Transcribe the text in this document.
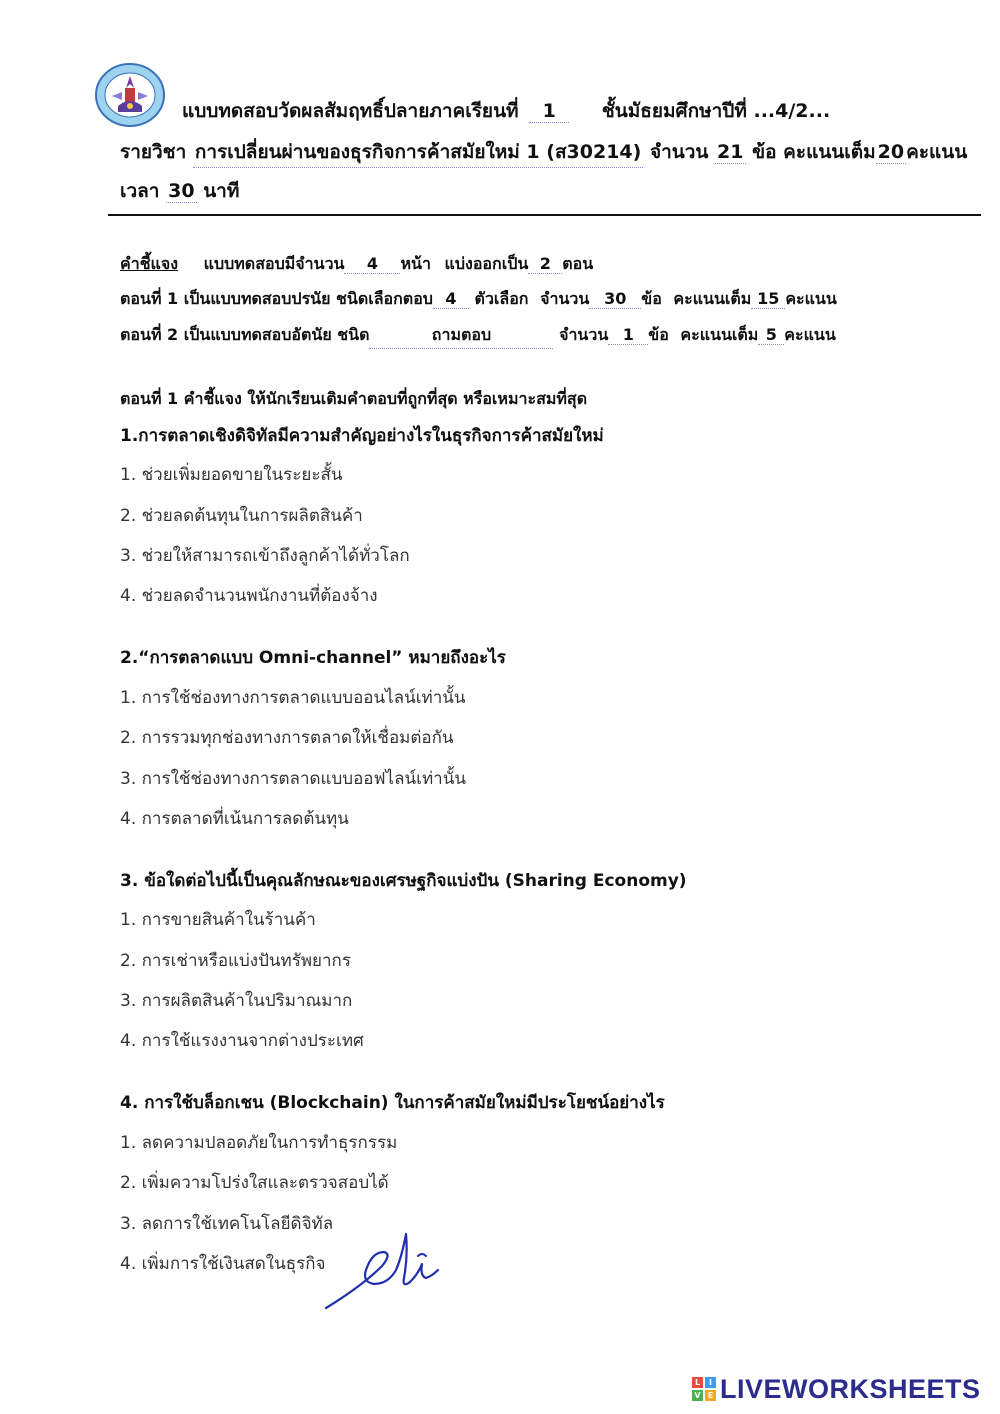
แบบทดสอบวัดผลสัมฤทธิ์ปลายภาคเรียนที่ 1 ชั้นมัธยมศึกษาปีที่ ...4/2...
รายวิชา การเปลี่ยนผ่านของธุรกิจการค้าสมัยใหม่ 1 (ส30214) จำนวน 21 ข้อ คะแนนเต็ม 20 คะแนน
เวลา 30 นาที
คำชี้แจง แบบทดสอบมีจำนวน 4 หน้า แบ่งออกเป็น 2 ตอน
ตอนที่ 1 เป็นแบบทดสอบปรนัย ชนิดเลือกตอบ 4 ตัวเลือก จำนวน 30 ข้อ คะแนนเต็ม 15 คะแนน
ตอนที่ 2 เป็นแบบทดสอบอัตนัย ชนิด	ถามตอบ	จำนวน 1 ข้อ คะแนนเต็ม 5 คะแนน
ตอนที่ 1 คำชี้แจง ให้นักเรียนเติมคำตอบที่ถูกที่สุด หรือเหมาะสมที่สุด
1.การตลาดเชิงดิจิทัลมีความสำคัญอย่างไรในธุรกิจการค้าสมัยใหม่
1. ช่วยเพิ่มยอดขายในระยะสั้น
2. ช่วยลดต้นทุนในการผลิตสินค้า
3. ช่วยให้สามารถเข้าถึงลูกค้าได้ทั่วโลก
4. ช่วยลดจำนวนพนักงานที่ต้องจ้าง
2.“การตลาดแบบ Omni-channel” หมายถึงอะไร
1. การใช้ช่องทางการตลาดแบบออนไลน์เท่านั้น
2. การรวมทุกช่องทางการตลาดให้เชื่อมต่อกัน
3. การใช้ช่องทางการตลาดแบบออฟไลน์เท่านั้น
4. การตลาดที่เน้นการลดต้นทุน
3. ข้อใดต่อไปนี้เป็นคุณลักษณะของเศรษฐกิจแบ่งปัน (Sharing Economy)
1. การขายสินค้าในร้านค้า
2. การเช่าหรือแบ่งปันทรัพยากร
3. การผลิตสินค้าในปริมาณมาก
4. การใช้แรงงานจากต่างประเทศ
4. การใช้บล็อกเชน (Blockchain) ในการค้าสมัยใหม่มีประโยชน์อย่างไร
1. ลดความปลอดภัยในการทำธุรกรรม
2. เพิ่มความโปร่งใสและตรวจสอบได้
3. ลดการใช้เทคโนโลยีดิจิทัล
4. เพิ่มการใช้เงินสดในธุรกิจ
L	I
V E LIVEWORKSHEETS
